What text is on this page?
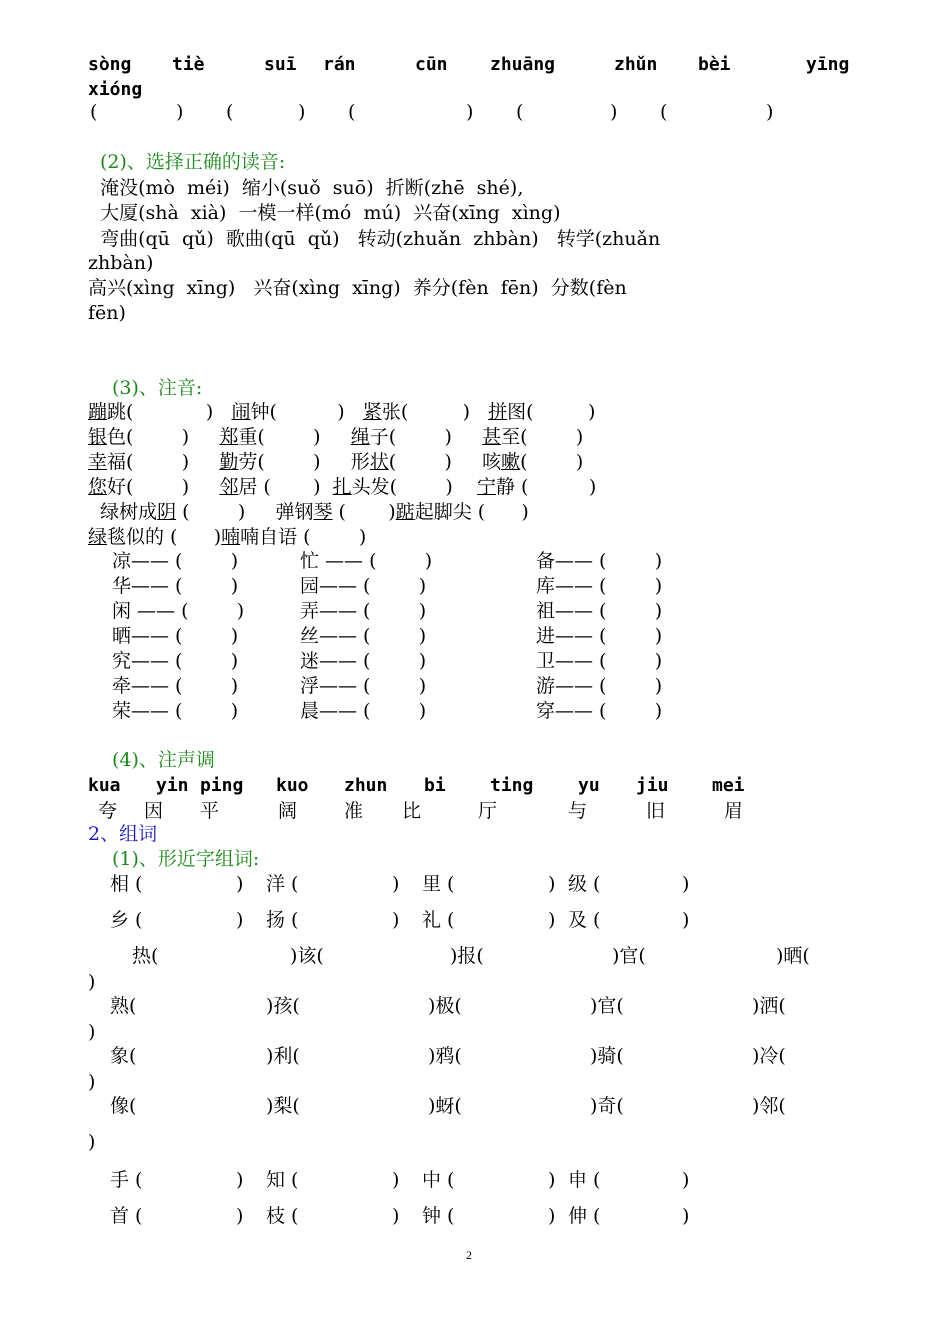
sòng tiè	suī rán	cūn zhuāng	zhǔn bèi	yīng
xióng
(	) (	) (	) (	) (	)
(2)、选择正确的读音:
淹没(mò  méi)  缩小(suǒ  suō)  折断(zhē  shé),
大厦(shà  xià)  一模一样(mó  mú)  兴奋(xīng  xìng)
弯曲(qū  qǔ)  歌曲(qū  qǔ)   转动(zhuǎn  zhbàn)   转学(zhuǎn
zhbàn)
高兴(xìng  xīng)   兴奋(xìng  xīng)  养分(fèn  fēn)  分数(fèn
fēn)
(3)、注音:
蹦跳(            )   闹钟(          )   紧张(         )   拼图(         )
银色(        )     郑重(        )     绳子(        )     甚至(        )
幸福(        )     勤劳(        )     形状(        )     咳嗽(        )
您好(        )     邻居 (       )  扎头发(        )    宁静 (          )
绿树成阴 (        )     弹钢琴 (       )踮起脚尖 (      )
绿毯似的 (      )喃喃自语 (        )
凉—— (        )	忙 —— (        )	备—— (        )
华—— (        )	园—— (        )	库—— (        )
闲 —— (        )	弄—— (        )	祖—— (        )
晒—— (        )	丝—— (        )	进—— (        )
究—— (        )	迷—— (        )	卫—— (        )
牵—— (        )	浮—— (        )	游—— (        )
荣—— (        )	晨—— (        )	穿—— (        )
(4)、注声调
kua yin ping kuo zhun bi ting yu jiu mei
夸 因 平	阔 准 比	厅	与	旧	眉
2、组词
(1)、形近字组词:
相 (	) 洋 (	) 里 (	) 级 (	)
乡 (	) 扬 (	) 礼 (	) 及 (	)
热(	)该(	)报(	)官(	)晒(
)
熟(	)孩(	)极(	)官(	)洒(
)
象(	)利(	)鸦(	)骑(	)冷(
)
像(	)梨(	)蚜(	)奇(	)邻(
)
手 (	) 知 (	) 中 (	) 申 (	)
首 (	) 枝 (	) 钟 (	) 伸 (	)
2
